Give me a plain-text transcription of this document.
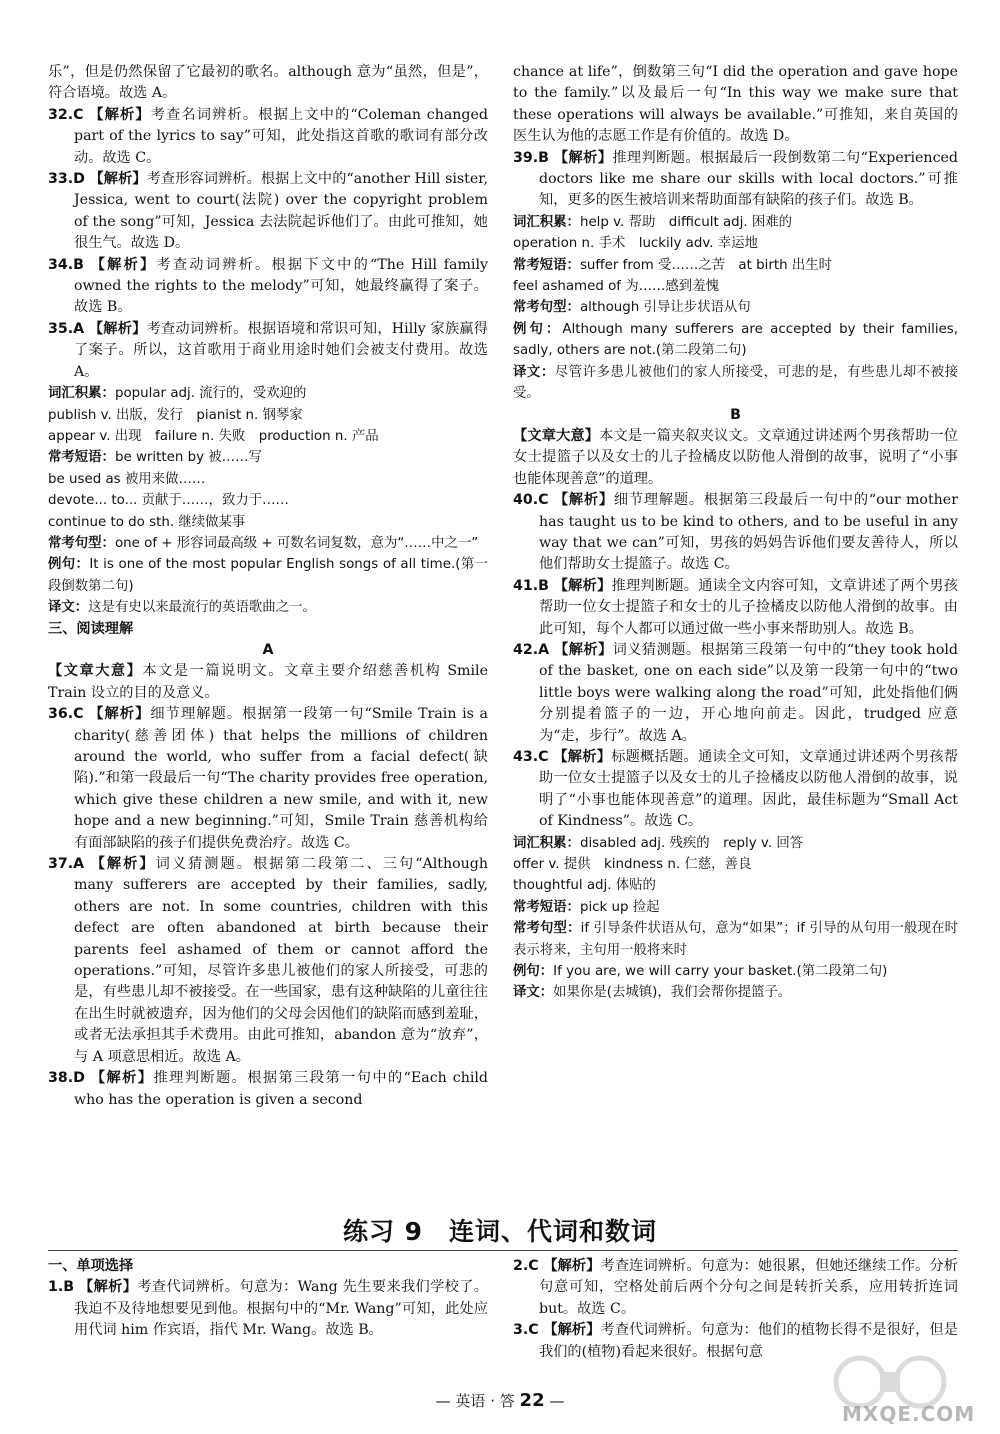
乐”，但是仍然保留了它最初的歌名。although 意为“虽然，但是”，符合语境。故选 A。

32.C 【解析】考查名词辨析。根据上文中的“Coleman changed part of the lyrics to say”可知，此处指这首歌的歌词有部分改动。故选 C。

33.D 【解析】考查形容词辨析。根据上文中的“another Hill sister, Jessica, went to court(法院) over the copyright problem of the song”可知，Jessica 去法院起诉他们了。由此可推知，她很生气。故选 D。

34.B 【解析】考查动词辨析。根据下文中的“The Hill family owned the rights to the melody”可知，她最终赢得了案子。故选 B。

35.A 【解析】考查动词辨析。根据语境和常识可知，Hilly 家族赢得了案子。所以，这首歌用于商业用途时她们会被支付费用。故选 A。

词汇积累：popular adj. 流行的，受欢迎的

publish v. 出版，发行　pianist n. 钢琴家

appear v. 出现　failure n. 失败　production n. 产品

常考短语：be written by 被……写

be used as 被用来做……

devote... to... 贡献于……，致力于……

continue to do sth. 继续做某事

常考句型：one of + 形容词最高级 + 可数名词复数，意为“……中之一”

例句：It is one of the most popular English songs of all time.(第一段倒数第二句)

译文：这是有史以来最流行的英语歌曲之一。

三、阅读理解

A

【文章大意】本文是一篇说明文。文章主要介绍慈善机构 Smile Train 设立的目的及意义。

36.C 【解析】细节理解题。根据第一段第一句“Smile Train is a charity(慈善团体) that helps the millions of children around the world, who suffer from a facial defect(缺陷).”和第一段最后一句“The charity provides free operation, which give these children a new smile, and with it, new hope and a new beginning.”可知，Smile Train 慈善机构给有面部缺陷的孩子们提供免费治疗。故选 C。

37.A 【解析】词义猜测题。根据第二段第二、三句“Although many sufferers are accepted by their families, sadly, others are not. In some countries, children with this defect are often abandoned at birth because their parents feel ashamed of them or cannot afford the operations.”可知，尽管许多患儿被他们的家人所接受，可悲的是，有些患儿却不被接受。在一些国家，患有这种缺陷的儿童往往在出生时就被遗弃，因为他们的父母会因他们的缺陷而感到羞耻，或者无法承担其手术费用。由此可推知，abandon 意为“放弃”，与 A 项意思相近。故选 A。

38.D 【解析】推理判断题。根据第三段第一句中的“Each child who has the operation is given a second

chance at life”，倒数第三句“I did the operation and gave hope to the family.”以及最后一句“In this way we make sure that these operations will always be available.”可推知，来自英国的医生认为他的志愿工作是有价值的。故选 D。

39.B 【解析】推理判断题。根据最后一段倒数第二句“Experienced doctors like me share our skills with local doctors.”可推知，更多的医生被培训来帮助面部有缺陷的孩子们。故选 B。

词汇积累：help v. 帮助　difficult adj. 困难的

operation n. 手术　luckily adv. 幸运地

常考短语：suffer from 受……之苦　at birth 出生时

feel ashamed of 为……感到羞愧

常考句型：although 引导让步状语从句

例句：Although many sufferers are accepted by their families, sadly, others are not.(第二段第二句)

译文：尽管许多患儿被他们的家人所接受，可悲的是，有些患儿却不被接受。

B

【文章大意】本文是一篇夹叙夹议文。文章通过讲述两个男孩帮助一位女士提篮子以及女士的儿子捡橘皮以防他人滑倒的故事，说明了“小事也能体现善意”的道理。

40.C 【解析】细节理解题。根据第三段最后一句中的“our mother has taught us to be kind to others, and to be useful in any way that we can”可知，男孩的妈妈告诉他们要友善待人，所以他们帮助女士提篮子。故选 C。

41.B 【解析】推理判断题。通读全文内容可知，文章讲述了两个男孩帮助一位女士提篮子和女士的儿子捡橘皮以防他人滑倒的故事。由此可知，每个人都可以通过做一些小事来帮助别人。故选 B。

42.A 【解析】词义猜测题。根据第三段第一句中的“they took hold of the basket, one on each side”以及第一段第一句中的“two little boys were walking along the road”可知，此处指他们俩分别提着篮子的一边，开心地向前走。因此，trudged 应意为“走，步行”。故选 A。

43.C 【解析】标题概括题。通读全文可知，文章通过讲述两个男孩帮助一位女士提篮子以及女士的儿子捡橘皮以防他人滑倒的故事，说明了“小事也能体现善意”的道理。因此，最佳标题为“Small Act of Kindness”。故选 C。

词汇积累：disabled adj. 残疾的　reply v. 回答

offer v. 提供　kindness n. 仁慈，善良

thoughtful adj. 体贴的

常考短语：pick up 捡起

常考句型：if 引导条件状语从句，意为“如果”；if 引导的从句用一般现在时表示将来，主句用一般将来时

例句：If you are, we will carry your basket.(第二段第二句)

译文：如果你是(去城镇)，我们会帮你提篮子。

练习 9　连词、代词和数词

一、单项选择

1.B 【解析】考查代词辨析。句意为：Wang 先生要来我们学校了。我迫不及待地想要见到他。根据句中的“Mr. Wang”可知，此处应用代词 him 作宾语，指代 Mr. Wang。故选 B。

2.C 【解析】考查连词辨析。句意为：她很累，但她还继续工作。分析句意可知，空格处前后两个分句之间是转折关系，应用转折连词 but。故选 C。

3.C 【解析】考查代词辨析。句意为：他们的植物长得不是很好，但是我们的(植物)看起来很好。根据句意

— 英语 · 答 22 —
MXQE.COM
